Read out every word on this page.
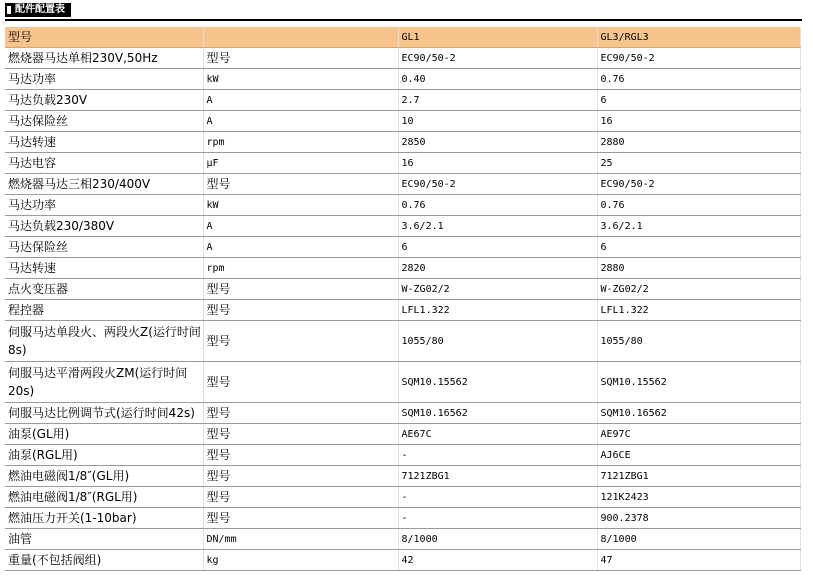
配件配置表
型号		GL1	GL3/RGL3
燃烧器马达单相230V,50Hz	型号	EC90/50-2	EC90/50-2
马达功率	kW	0.40	0.76
马达负载230V	A	2.7	6
马达保险丝	A	10	16
马达转速	rpm	2850	2880
马达电容	μF	16	25
燃烧器马达三相230/400V	型号	EC90/50-2	EC90/50-2
马达功率	kW	0.76	0.76
马达负载230/380V	A	3.6/2.1	3.6/2.1
马达保险丝	A	6	6
马达转速	rpm	2820	2880
点火变压器	型号	W-ZG02/2	W-ZG02/2
程控器	型号	LFL1.322	LFL1.322
伺服马达单段火、两段火Z(运行时间8s)	型号	1055/80	1055/80
伺服马达平滑两段火ZM(运行时间20s)	型号	SQM10.15562	SQM10.15562
伺服马达比例调节式(运行时间42s)	型号	SQM10.16562	SQM10.16562
油泵(GL用)	型号	AE67C	AE97C
油泵(RGL用)	型号	-	AJ6CE
燃油电磁阀1/8″(GL用)	型号	7121ZBG1	7121ZBG1
燃油电磁阀1/8″(RGL用)	型号	-	121K2423
燃油压力开关(1-10bar)	型号	-	900.2378
油管	DN/mm	8/1000	8/1000
重量(不包括阀组)	kg	42	47
